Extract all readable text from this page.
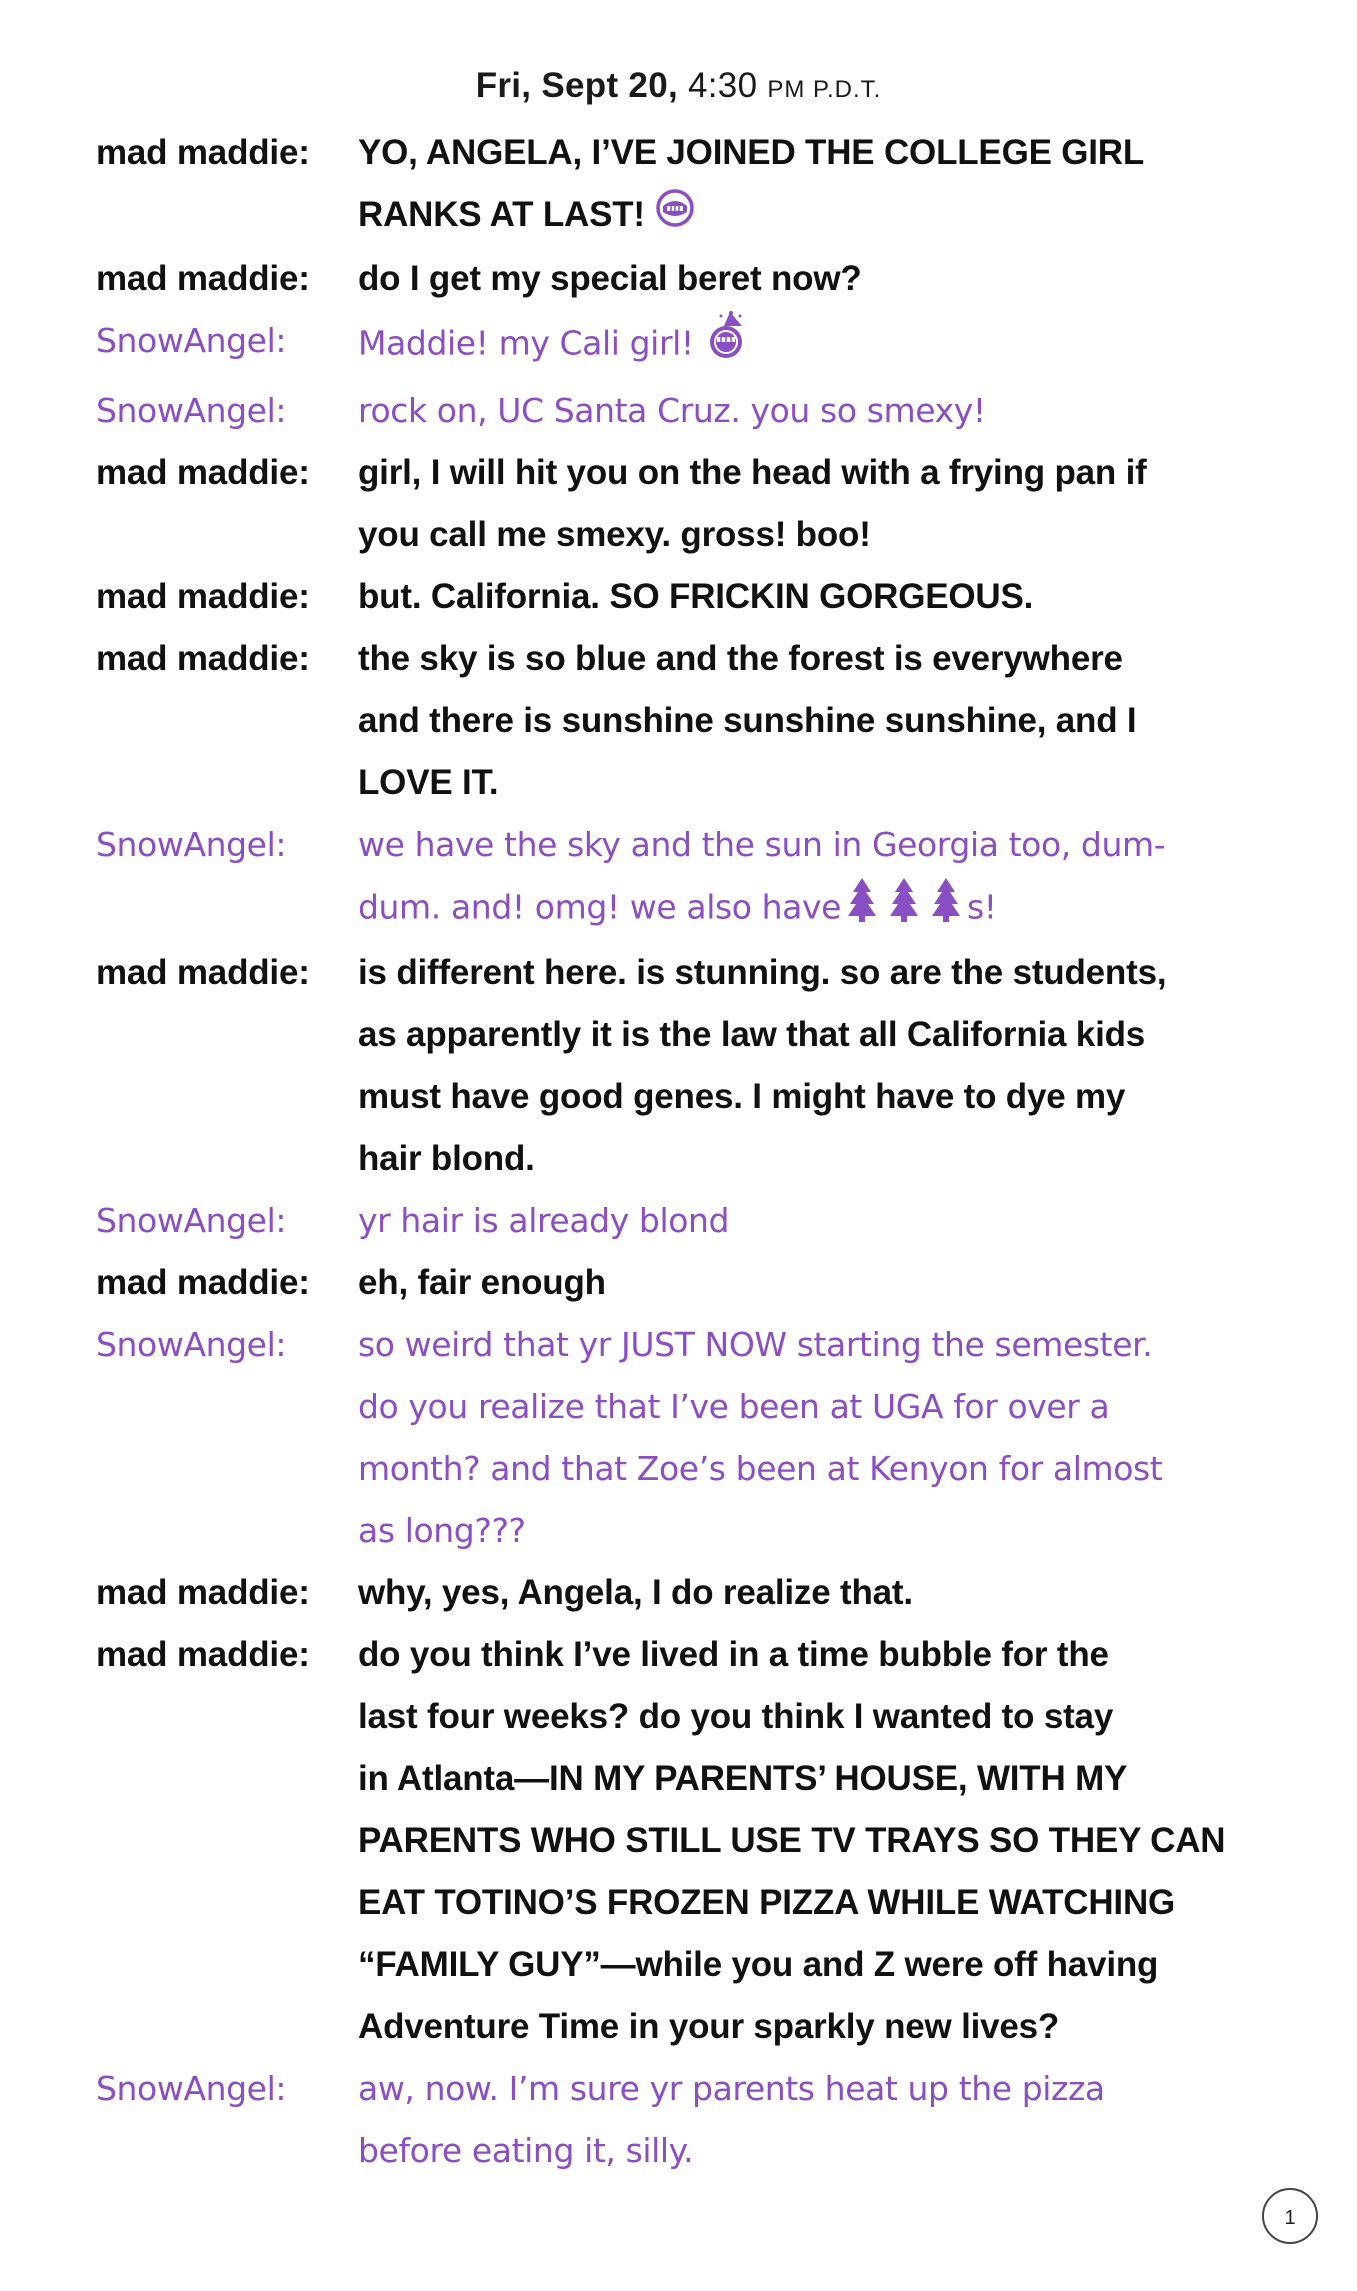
Fri, Sept 20, 4:30 PM P.D.T.
mad maddie:	YO, ANGELA, I’VE JOINED THE COLLEGE GIRL
RANKS AT LAST!
mad maddie:	do I get my special beret now?
SnowAngel:	Maddie! my Cali girl!
SnowAngel:	rock on, UC Santa Cruz. you so smexy!
mad maddie:	girl, I will hit you on the head with a frying pan if
you call me smexy. gross! boo!
mad maddie:	but. California. SO FRICKIN GORGEOUS.
mad maddie:	the sky is so blue and the forest is everywhere
and there is sunshine sunshine sunshine, and I
LOVE IT.
SnowAngel:	we have the sky and the sun in Georgia too, dum-
dum. and! omg! we also have	s!
mad maddie:	is different here. is stunning. so are the students,
as apparently it is the law that all California kids
must have good genes. I might have to dye my
hair blond.
SnowAngel:	yr hair is already blond
mad maddie:	eh, fair enough
SnowAngel:	so weird that yr JUST NOW starting the semester.
do you realize that I’ve been at UGA for over a
month? and that Zoe’s been at Kenyon for almost
as long???
mad maddie:	why, yes, Angela, I do realize that.
mad maddie:	do you think I’ve lived in a time bubble for the
last four weeks? do you think I wanted to stay
in Atlanta—IN MY PARENTS’ HOUSE, WITH MY
PARENTS WHO STILL USE TV TRAYS SO THEY CAN
EAT TOTINO’S FROZEN PIZZA WHILE WATCHING
“FAMILY GUY”—while you and Z were off having
Adventure Time in your sparkly new lives?
SnowAngel:	aw, now. I’m sure yr parents heat up the pizza
before eating it, silly.
1
